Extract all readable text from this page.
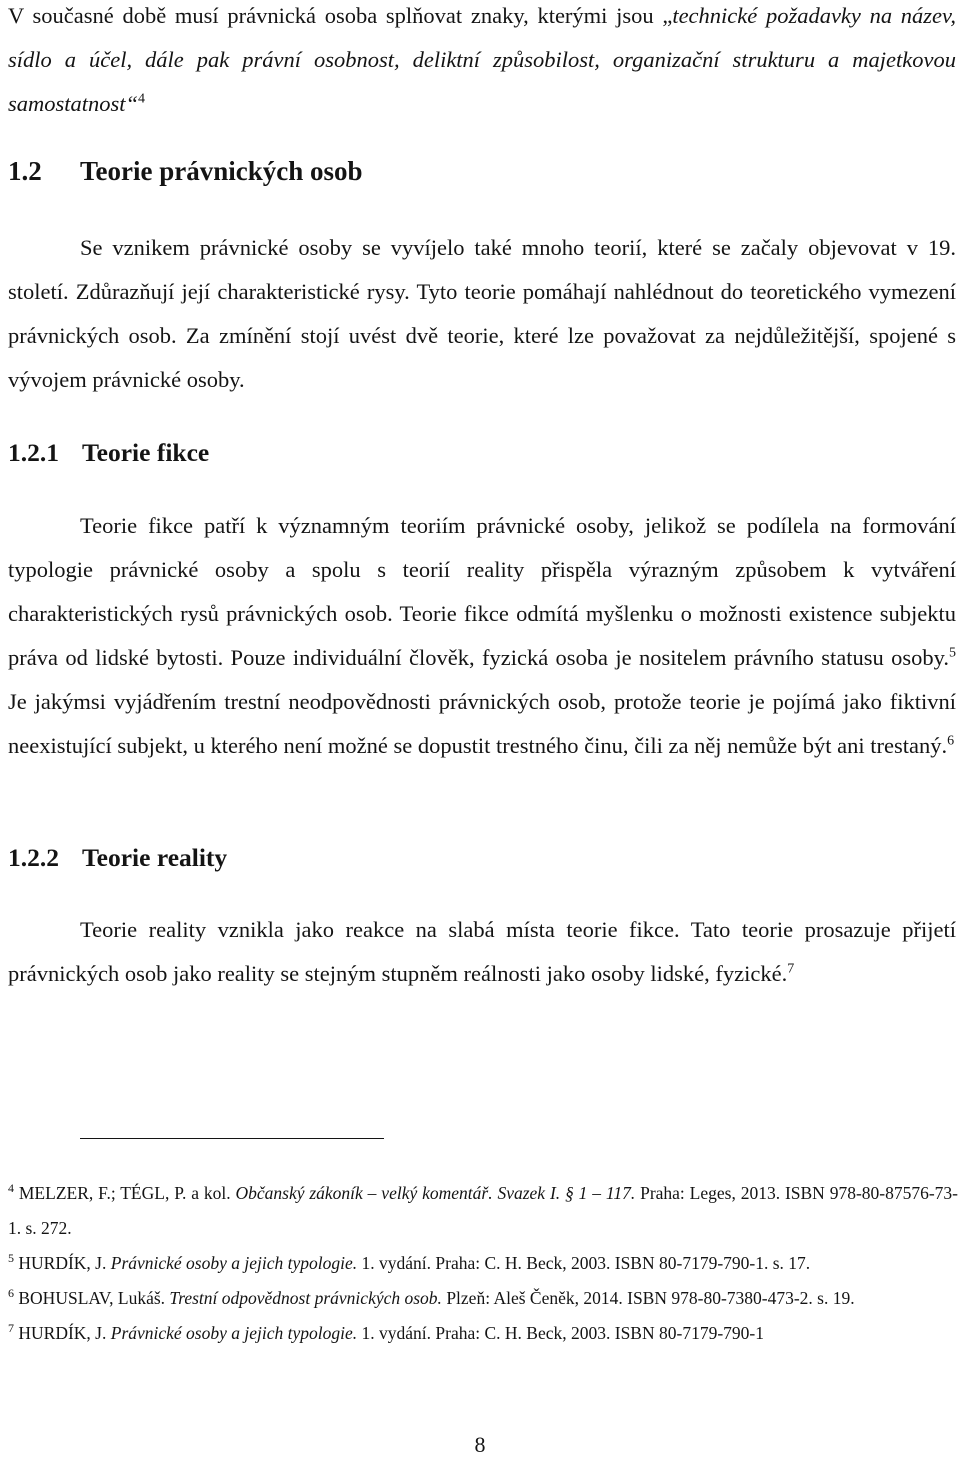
V současné době musí právnická osoba splňovat znaky, kterými jsou „technické požadavky na název, sídlo a účel, dále pak právní osobnost, deliktní způsobilost, organizační strukturu a majetkovou samostatnost“$^4$

1.2 Teorie právnických osob

Se vznikem právnické osoby se vyvíjelo také mnoho teorií, které se začaly objevovat v 19. století. Zdůrazňují její charakteristické rysy. Tyto teorie pomáhají nahlédnout do teoretického vymezení právnických osob. Za zmínění stojí uvést dvě teorie, které lze považovat za nejdůležitější, spojené s vývojem právnické osoby.

1.2.1 Teorie fikce

Teorie fikce patří k významným teoriím právnické osoby, jelikož se podílela na formování typologie právnické osoby a spolu s teorií reality přispěla výrazným způsobem k vytváření charakteristických rysů právnických osob. Teorie fikce odmítá myšlenku o možnosti existence subjektu práva od lidské bytosti. Pouze individuální člověk, fyzická osoba je nositelem právního statusu osoby.$^5$ Je jakýmsi vyjádřením trestní neodpovědnosti právnických osob, protože teorie je pojímá jako fiktivní neexistující subjekt, u kterého není možné se dopustit trestného činu, čili za něj nemůže být ani trestaný.$^6$

1.2.2 Teorie reality

Teorie reality vznikla jako reakce na slabá místa teorie fikce. Tato teorie prosazuje přijetí právnických osob jako reality se stejným stupněm reálnosti jako osoby lidské, fyzické.$^7$

$^4$ MELZER, F.; TÉGL, P. a kol. Občanský zákoník – velký komentář. Svazek I. § 1 – 117. Praha: Leges, 2013. ISBN 978-80-87576-73-1. s. 272.

$^5$ HURDÍK, J. Právnické osoby a jejich typologie. 1. vydání. Praha: C. H. Beck, 2003. ISBN 80-7179-790-1. s. 17.

$^6$ BOHUSLAV, Lukáš. Trestní odpovědnost právnických osob. Plzeň: Aleš Čeněk, 2014. ISBN 978-80-7380-473-2. s. 19.

$^7$ HURDÍK, J. Právnické osoby a jejich typologie. 1. vydání. Praha: C. H. Beck, 2003. ISBN 80-7179-790-1

8
